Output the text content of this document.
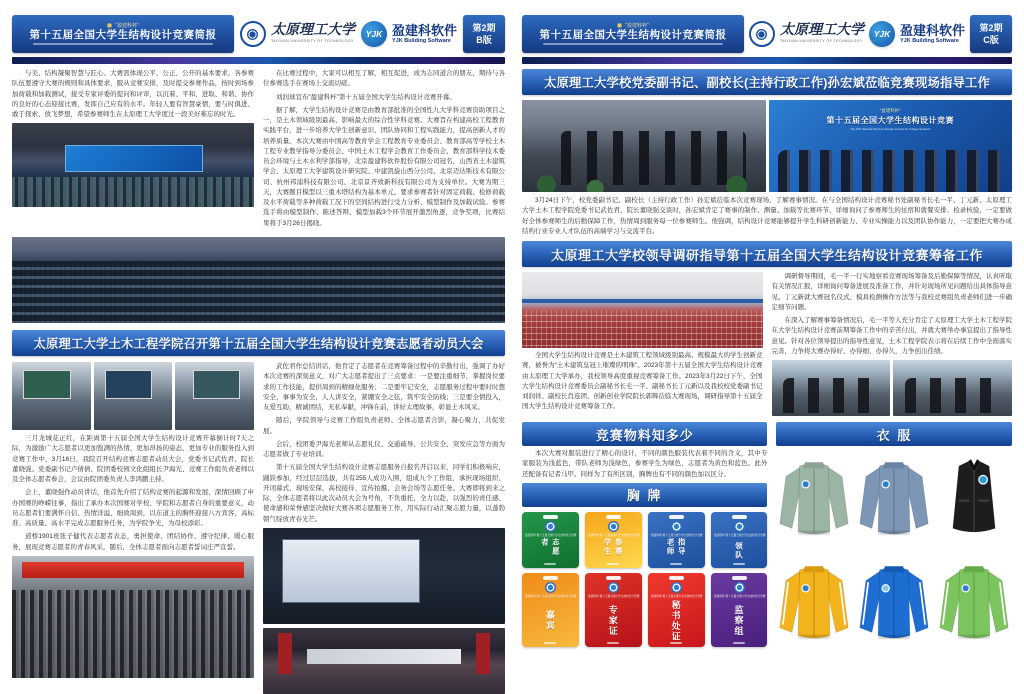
“盈建科杯”
第十五届全国大学生结构设计竞赛简报	太原理工大学
TAIYUAN UNIVERSITY OF TECHNOLOGY
YJK 盈建科软件
YJK Building Software
第2期
B版

与美、结构凝聚智慧与匠心。大赛需体现公平、公正、公开的基本要求，各参赛队伍要遵守大赛的规则和具体要求，服从竞赛安排，及时提交参赛作品，按时到场参加荷载和加载测试，接受专家评委的提问和评审，以沉着、平和、进取、和谐、协作的良好的心态迎接比赛，发挥自己应有的水平。年轻人要有智慧豪情，要与时俱进、敢于探索、放飞梦想，希望参赛师生在太原理工大学度过一段美好难忘的时光。

在比赛过程中，大家可以相互了解，相互促进，成为志同道合的朋友，期待与各位参赛选手在赛场上交流切磋。

刘润球宣布“盈建科杯”第十五届全国大学生结构设计竞赛开幕。

据了解，大学生结构设计竞赛是由教育部批准的全国性九大学科竞赛资助项目之一，是土木领域级别最高、影响最大的综合性学科竞赛。大赛旨在构建高校工程教育实践平台，进一步培养大学生创新意识、团队协同和工程实践能力，提高创新人才的培养质量。本次大赛由中国高等教育学会工程教育专业委员会、教育部高等学校土木工程专业教学指导分委员会、中国土木工程学会教育工作委员会、教育部科学技术委员会环境与土木水利学部指导，北京盈建科软件股份有限公司冠名，山西省土木建筑学会、太原理工大学建筑设计研究院、中建凯旋山西分公司、北京迈达斯技术有限公司、杭州邦浦科技有限公司、北京景齐致新科技有限公司为支持单位。大赛为期三天，大赛题目模型以三重木塔结构为基本单元，要求参赛者针对固定荷载、检修荷载及水平荷载等多种荷载工况下的空间结构进行受力分析、模型制作及加载试验。参赛选手将由模型制作、陈述答辩、模型加载3个环节展开激烈角逐，竞争奖项，比赛结果将于3月26日揭晓。

太原理工大学土木工程学院召开第十五届全国大学生结构设计竞赛志愿者动员大会

三月龙城花正红，在距离第十五届全国大学生结构设计竞赛开幕倒计时7天之际，为激励广大志愿者以更加饱满的热情、更加昂扬的姿态、更加专业的服务投入到竞赛工作中，3月16日，我院召开结构竞赛志愿者动员大会，党委书记武佐君、院长董晓强、党委副书记卢倩倩、院团委校园文化组组长尹海光、竞赛工作组负责老师以及全体志愿者参会，会议由院团委负责人李鸿鹏主持。

会上，董晓强作动员讲话，他首先介绍了结构竞赛的起源和发展，深情回顾了申办国赛的峥嵘往事，指出了承办本次国赛对学校、学院和志愿者自身的重要意义，动员志愿者们要满怀自信、热情洋溢、细致周到，以东道主的胸怀迎接八方宾客，高标准、高质量、高水平完成志愿服务任务，为学院争光，为母校添彩。

道桥1901班张子健代表志愿者表态，勇担使命、团结协作、遵守纪律、暖心服务，展现竞赛志愿者的青春风采。随后，全体志愿者面向志愿者誓词庄严宣誓。

武佐君作总结讲话，他肯定了志愿者在竞赛筹备过程中的辛勤付出，强调了办好本次竞赛的深刻意义，对广大志愿者提出了三点要求：一是要注重细节，掌握岗位要求的工作技能，提供周到的精细化服务；二是要牢记安全，志愿服务过程中要时时想安全，事事为安全，人人讲安全，紧绷安全之弦，筑牢安全防线；三是要全情投入，友爱互助，精诚团结，无私奉献，冲锋在前，讲好太理故事，彰显土木风采。

随后，学院领导与竞赛工作组负责老师、全体志愿者合影，凝心聚力，共促发展。

会后，校团委尹海光老师从志愿礼仪、交通疏导、公共安全、突发应急等方面为志愿者做了专业培训。

第十五届全国大学生结构设计竞赛志愿服务自报名开启以来，同学们积极响应，踊跃参加，经过层层选拔，共有255人成功入围，组成九个工作组，承担现场组织、开闭幕式、现场安保、高校接待、宣传拍摄、会务会场等志愿任务。大赛即将到来之际，全体志愿者将以此次动员大会为号角，不负重托，全力以赴，以强烈的责任感、使命感和荣誉感坚决做好大赛各项志愿服务工作，用实际行动汇聚志愿力量，以蓬勃朝气绽放青春光芒。

“盈建科杯”
第十五届全国大学生结构设计竞赛简报	太原理工大学
TAIYUAN UNIVERSITY OF TECHNOLOGY
YJK 盈建科软件
YJK Building Software
第2期
C版
太原理工大学校党委副书记、副校长(主持行政工作)孙宏斌莅临竞赛现场指导工作
“盈建科杯”
第十五届全国大学生结构设计竞赛
The 15th National Structure Design Contest for College Students

3月24日下午，校党委副书记、副校长（主持行政工作）孙宏斌莅临本次竞赛现场，了解赛事情况。在与全国结构设计竞赛秘书处副秘书长毛一平、丁元新、太原理工大学土木工程学院党委书记武佐君、院长董晓强交谈时，孙宏斌肯定了赛事的制作、测量、加载等比赛环节，详细询问了参赛师生的住宿和就餐安排、检录核验，一定要做好全体参赛师生的后勤保障工作，热情周到服务每一位参赛师生。他强调，结构设计竞赛能够提升学生科研创新能力、专业实操能力以及团队协作能力，一定要把大赛办成结构行业专业人才队伍的高端学习与交流平台。

太原理工大学校领导调研指导第十五届全国大学生结构设计竞赛筹备工作

全国大学生结构设计竞赛是土木建筑工程领域级别最高、规模最大的学生创新竞赛，被誉为“土木建筑皇冠上璀璨的明珠”。2023年第十五届全国大学生结构设计竞赛由太原理工大学承办，我校领导高度重视竞赛筹备工作。2023年3月22日下午，全国大学生结构设计竞赛委员会副秘书长毛一平、副秘书长丁元新以及我校校党委副书记刘润祥、副校长肖连团、创新创业学院院长郭辉莅临大赛现场，调研指导第十五届全国大学生结构设计竞赛筹备工作。

调研督导期间，毛一平一行实地察看竞赛现场筹备及后勤保障等情况，认真听取有关情况汇报，详细询问筹备进展及准备工作，并针对现场所见问题给出具体指导意见。丁元新就大赛冠名仪式、模具检测操作方法等与我校竞赛组负责老师们进一步确定细节问题。

在深入了解赛事筹备情况后，毛一平等人充分肯定了太原理工大学土木工程学院在大学生结构设计竞赛前期筹备工作中的辛苦付出，并就大赛举办事宜提出了指导性意见。针对各位领导提出的指导性意见，土木工程学院表示将在后续工作中全面落实完善，力争将大赛办得好、办得细、办得久，力争创出佳绩。

竞赛物料知多少

本次大赛对服装进行了精心的设计，不同的颜色服装代表着不同的含义，其中专家服装为浅蓝色，带队老师为浅绿色，参赛学生为绿色，志愿者为黄色和蓝色。此外还配备有记者马甲。同样为了有所区别，胸牌也有不同的颜色加以区分。

胸 牌
“盈建科杯”第十五届全国大学生结构设计竞赛
志愿者
“盈建科杯”第十五届全国大学生结构设计竞赛
参赛学生
“盈建科杯”第十五届全国大学生结构设计竞赛
指导老师
“盈建科杯”第十五届全国大学生结构设计竞赛
领队
“盈建科杯”第十五届全国大学生结构设计竞赛
嘉宾
“盈建科杯”第十五届全国大学生结构设计竞赛
专家证
“盈建科杯”第十五届全国大学生结构设计竞赛
秘书处证
“盈建科杯”第十五届全国大学生结构设计竞赛
监察组
衣 服
